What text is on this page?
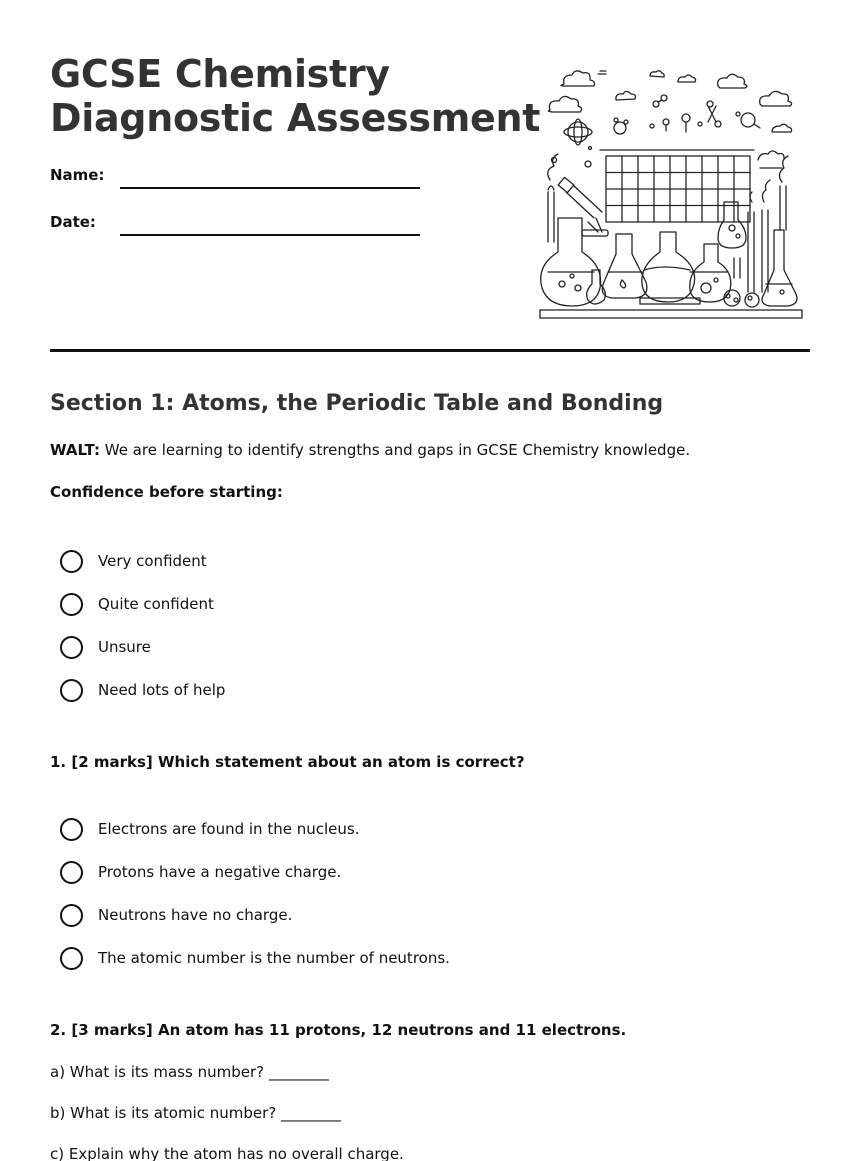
GCSE Chemistry
Diagnostic Assessment
Name:
Date:
Section 1: Atoms, the Periodic Table and Bonding
WALT: We are learning to identify strengths and gaps in GCSE Chemistry knowledge.
Confidence before starting:
Very confident
Quite confident
Unsure
Need lots of help
1. [2 marks] Which statement about an atom is correct?
Electrons are found in the nucleus.
Protons have a negative charge.
Neutrons have no charge.
The atomic number is the number of neutrons.
2. [3 marks] An atom has 11 protons, 12 neutrons and 11 electrons.
a) What is its mass number? ________
b) What is its atomic number? ________
c) Explain why the atom has no overall charge.
